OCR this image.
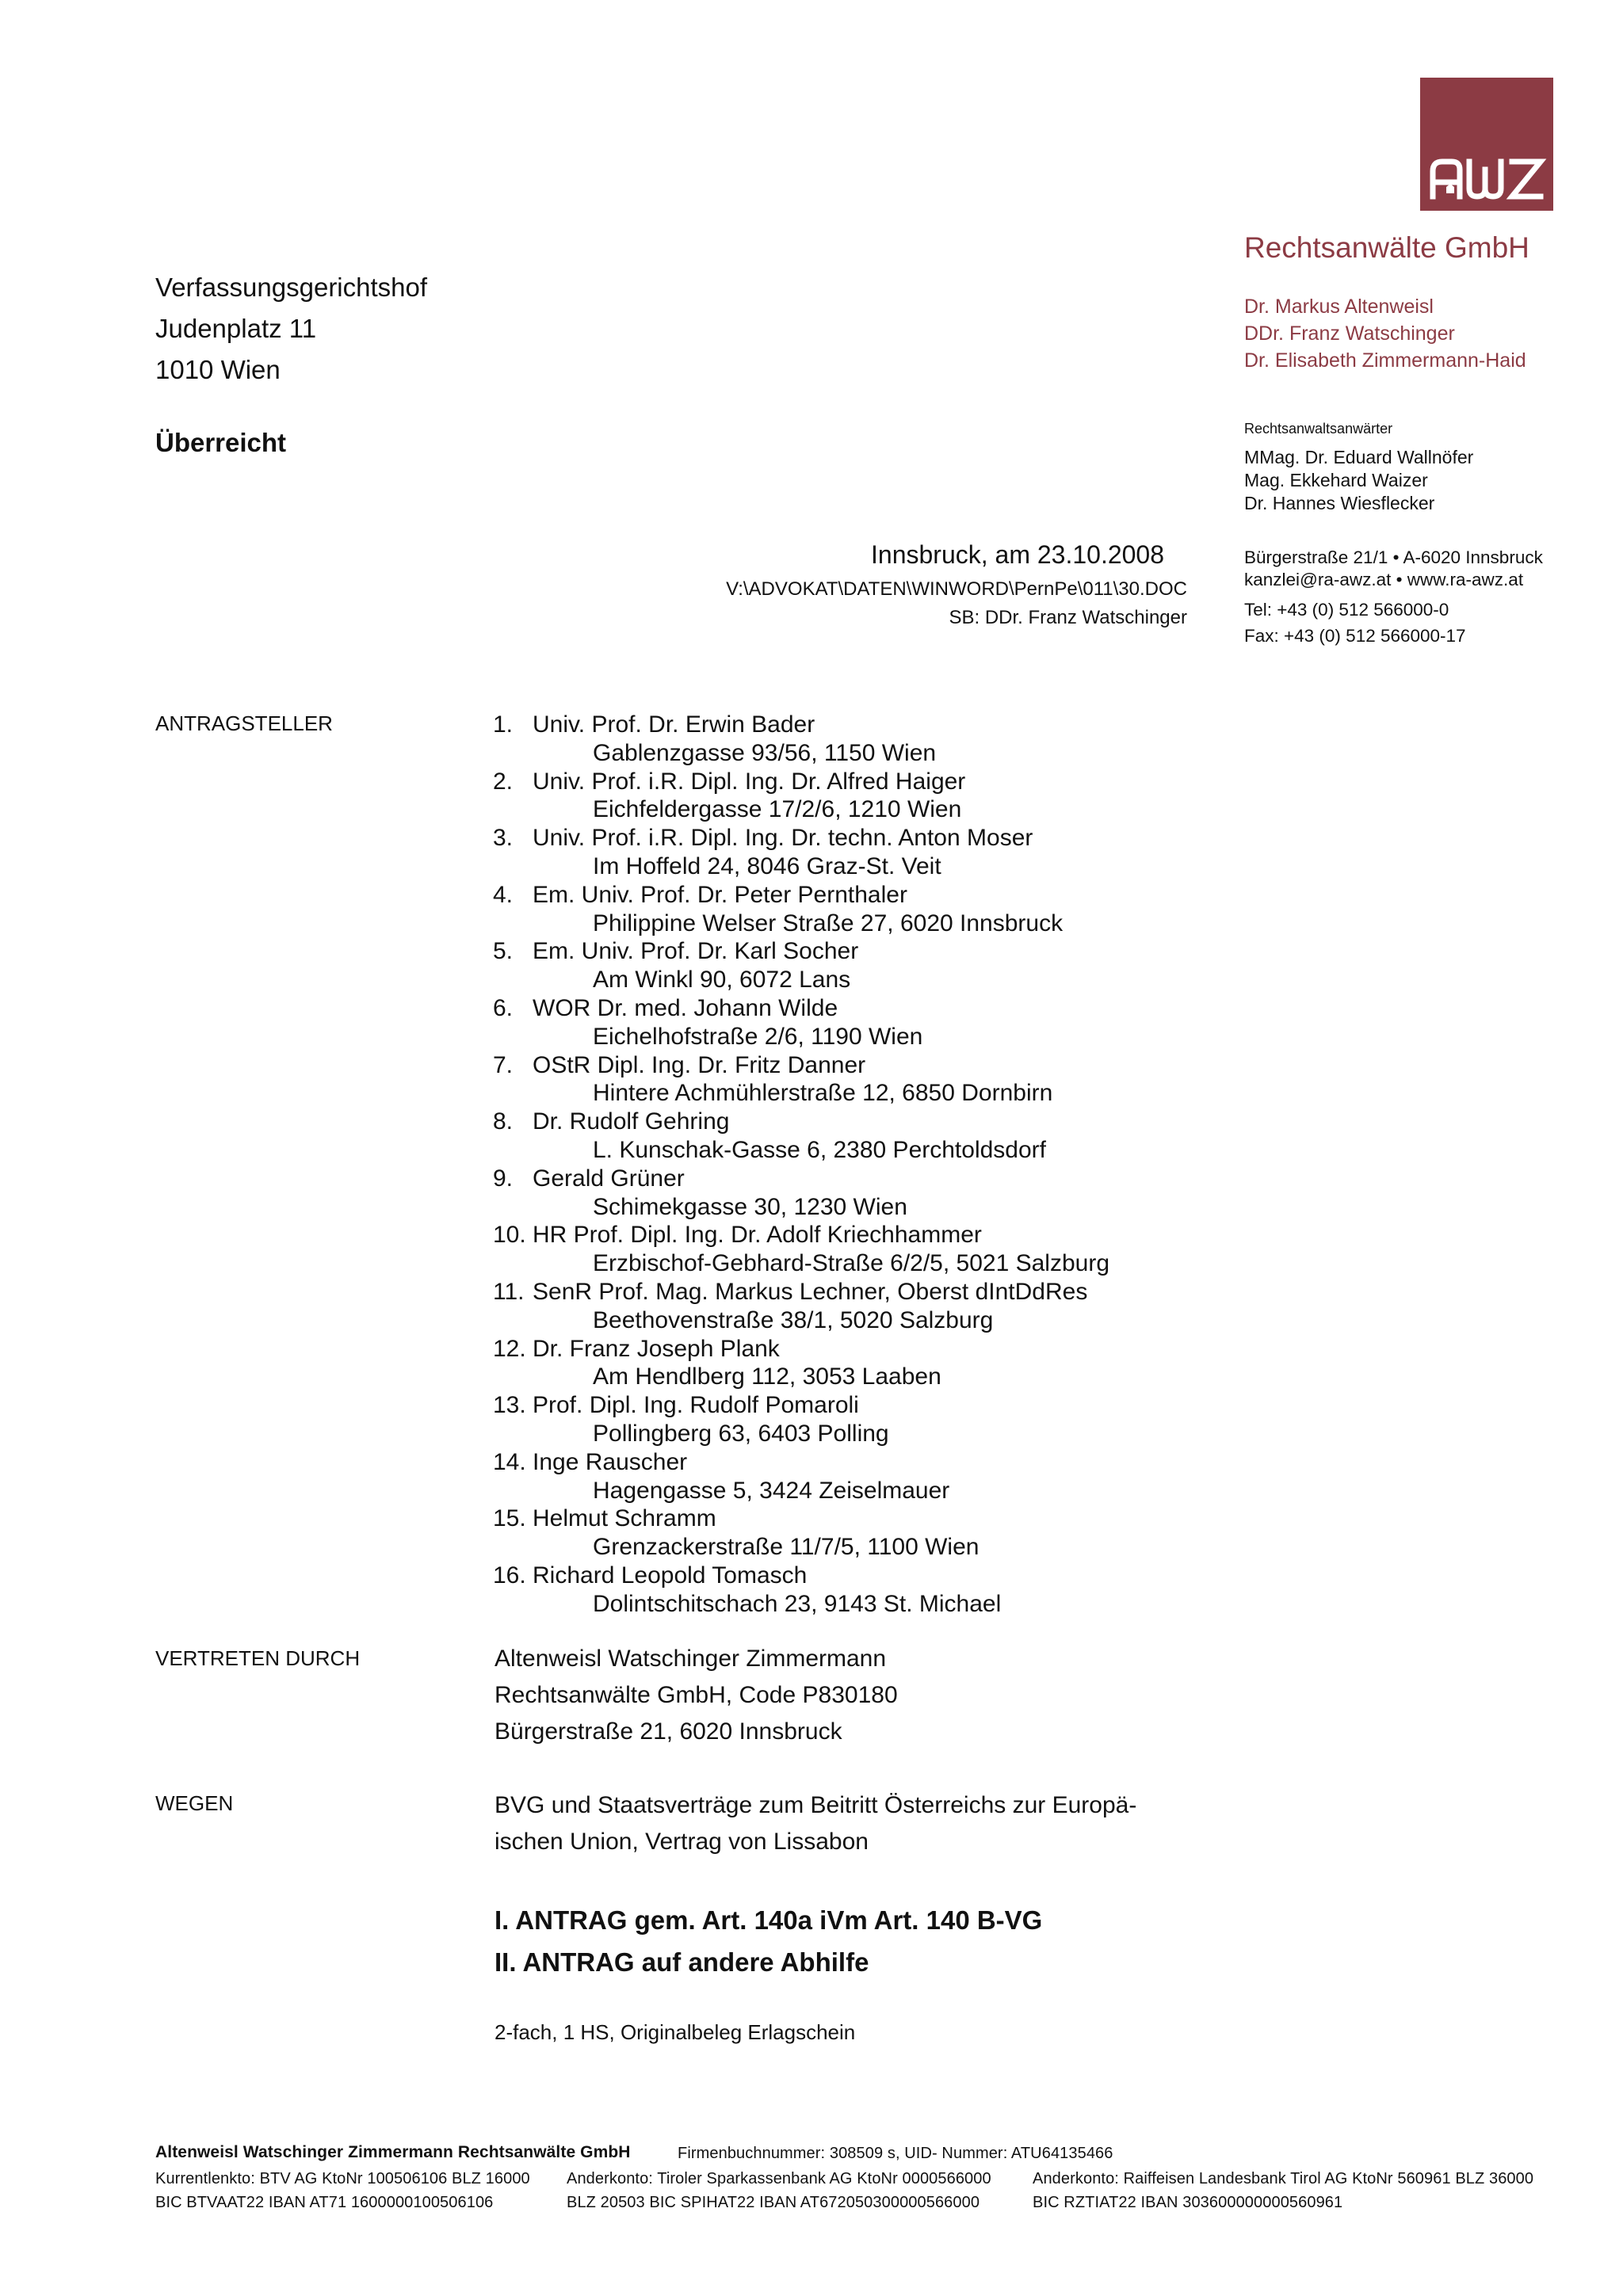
Rechtsanwälte GmbH
Dr. Markus Altenweisl
DDr. Franz Watschinger
Dr. Elisabeth Zimmermann-Haid
Rechtsanwaltsanwärter
MMag. Dr. Eduard Wallnöfer
Mag. Ekkehard Waizer
Dr. Hannes Wiesflecker
Bürgerstraße 21/1 • A-6020 Innsbruck
kanzlei@ra-awz.at • www.ra-awz.at
Tel: +43 (0) 512 566000-0
Fax: +43 (0) 512 566000-17
Verfassungsgerichtshof
Judenplatz 11
1010 Wien
Überreicht
Innsbruck, am 23.10.2008
V:\ADVOKAT\DATEN\WINWORD\PernPe\011\30.DOC
SB: DDr. Franz Watschinger
ANTRAGSTELLER	1. Univ. Prof. Dr. Erwin Bader
Gablenzgasse 93/56, 1150 Wien
2. Univ. Prof. i.R. Dipl. Ing. Dr. Alfred Haiger
Eichfeldergasse 17/2/6, 1210 Wien
3. Univ. Prof. i.R. Dipl. Ing. Dr. techn. Anton Moser
Im Hoffeld 24, 8046 Graz-St. Veit
4. Em. Univ. Prof. Dr. Peter Pernthaler
Philippine Welser Straße 27, 6020 Innsbruck
5. Em. Univ. Prof. Dr. Karl Socher
Am Winkl 90, 6072 Lans
6. WOR Dr. med. Johann Wilde
Eichelhofstraße 2/6, 1190 Wien
7. OStR Dipl. Ing. Dr. Fritz Danner
Hintere Achmühlerstraße 12, 6850 Dornbirn
8. Dr. Rudolf Gehring
L. Kunschak-Gasse 6, 2380 Perchtoldsdorf
9. Gerald Grüner
Schimekgasse 30, 1230 Wien
10. HR Prof. Dipl. Ing. Dr. Adolf Kriechhammer
Erzbischof-Gebhard-Straße 6/2/5, 5021 Salzburg
11. SenR Prof. Mag. Markus Lechner, Oberst dIntDdRes
Beethovenstraße 38/1, 5020 Salzburg
12. Dr. Franz Joseph Plank
Am Hendlberg 112, 3053 Laaben
13. Prof. Dipl. Ing. Rudolf Pomaroli
Pollingberg 63, 6403 Polling
14. Inge Rauscher
Hagengasse 5, 3424 Zeiselmauer
15. Helmut Schramm
Grenzackerstraße 11/7/5, 1100 Wien
16. Richard Leopold Tomasch
Dolintschitschach 23, 9143 St. Michael
VERTRETEN DURCH	Altenweisl Watschinger Zimmermann
Rechtsanwälte GmbH, Code P830180
Bürgerstraße 21, 6020 Innsbruck
WEGEN	BVG und Staatsverträge zum Beitritt Österreichs zur Europä-
ischen Union, Vertrag von Lissabon
I. ANTRAG gem. Art. 140a iVm Art. 140 B-VG
II. ANTRAG auf andere Abhilfe
2-fach, 1 HS, Originalbeleg Erlagschein
Altenweisl Watschinger Zimmermann Rechtsanwälte GmbH	Firmenbuchnummer: 308509 s, UID- Nummer: ATU64135466
Kurrentlenkto: BTV AG KtoNr 100506106 BLZ 16000
BIC BTVAAT22 IBAN AT71 1600000100506106
Anderkonto: Tiroler Sparkassenbank AG KtoNr 0000566000
BLZ 20503 BIC SPIHAT22 IBAN AT672050300000566000
Anderkonto: Raiffeisen Landesbank Tirol AG KtoNr 560961 BLZ 36000
BIC RZTIAT22 IBAN 303600000000560961
